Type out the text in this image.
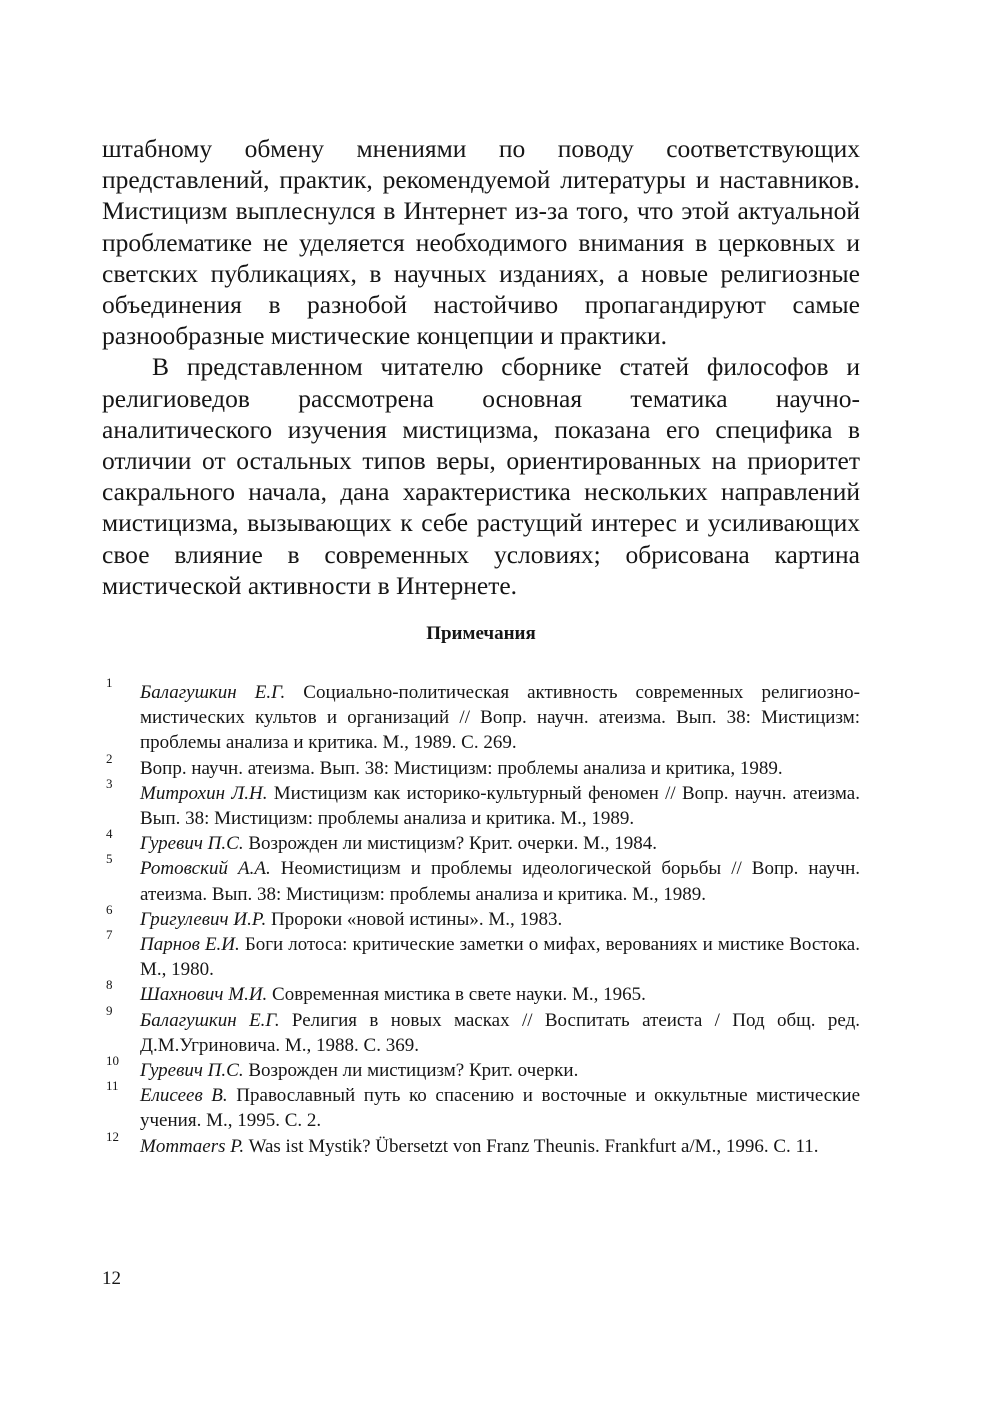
штабному обмену мнениями по поводу соответствующих представлений, практик, рекомендуемой литературы и наставников. Мистицизм выплеснулся в Интернет из-за того, что этой актуальной проблематике не уделяется необходимого внимания в церковных и светских публикациях, в научных изданиях, а новые религиозные объединения в разнобой настойчиво пропагандируют самые разнообразные мистические концепции и практики.

В представленном читателю сборнике статей философов и религиоведов рассмотрена основная тематика научно-аналитического изучения мистицизма, показана его специфика в отличии от остальных типов веры, ориентированных на приоритет сакрального начала, дана характеристика нескольких направлений мистицизма, вызывающих к себе растущий интерес и усиливающих свое влияние в современных условиях; обрисована картина мистической активности в Интернете.

Примечания
1 Балагушкин Е.Г. Социально-политическая активность современных религиозно-мистических культов и организаций // Вопр. научн. атеизма. Вып. 38: Мистицизм: проблемы анализа и критика. М., 1989. С. 269.
2 Вопр. научн. атеизма. Вып. 38: Мистицизм: проблемы анализа и критика, 1989.
3 Митрохин Л.Н. Мистицизм как историко-культурный феномен // Вопр. научн. атеизма. Вып. 38: Мистицизм: проблемы анализа и критика. М., 1989.
4 Гуревич П.С. Возрожден ли мистицизм? Крит. очерки. М., 1984.
5 Ротовский А.А. Неомистицизм и проблемы идеологической борьбы // Вопр. научн. атеизма. Вып. 38: Мистицизм: проблемы анализа и критика. М., 1989.
6 Григулевич И.Р. Пророки «новой истины». М., 1983.
7 Парнов Е.И. Боги лотоса: критические заметки о мифах, верованиях и мистике Востока. М., 1980.
8 Шахнович М.И. Современная мистика в свете науки. М., 1965.
9 Балагушкин Е.Г. Религия в новых масках // Воспитать атеиста / Под общ. ред. Д.М.Угриновича. М., 1988. С. 369.
10 Гуревич П.С. Возрожден ли мистицизм? Крит. очерки.
11 Елисеев В. Православный путь ко спасению и восточные и оккультные мистические учения. М., 1995. С. 2.
12 Mommaers P. Was ist Mystik? Übersetzt von Franz Theunis. Frankfurt a/M., 1996. С. 11.
12
